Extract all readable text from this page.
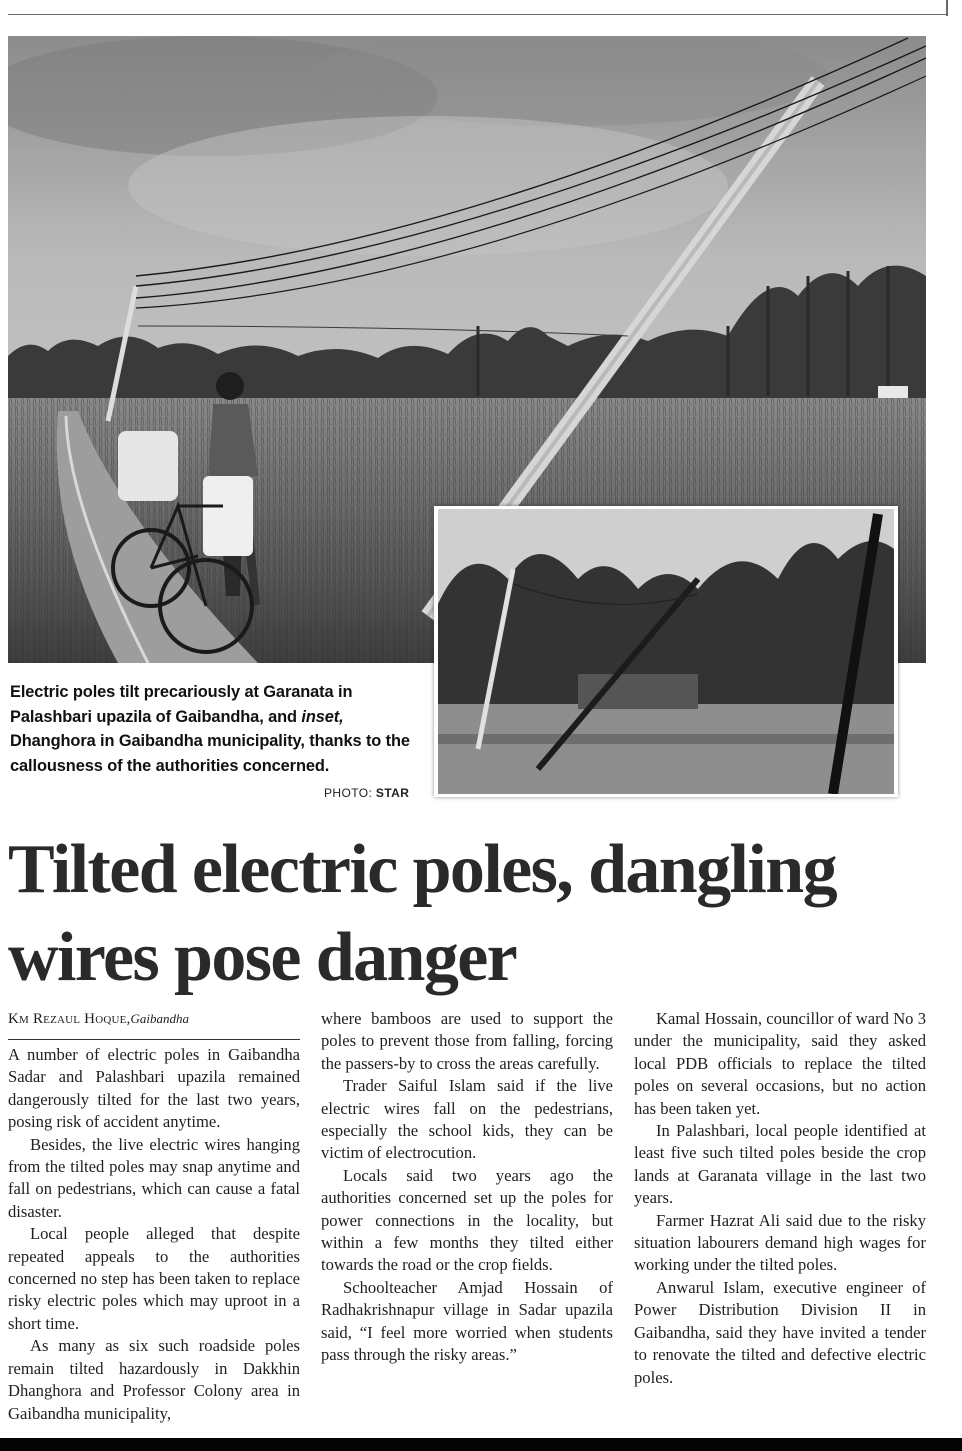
Electric poles tilt precariously at Garanata in Palashbari upazila of Gaibandha, and inset, Dhanghora in Gaibandha municipality, thanks to the callousness of the authorities concerned.
PHOTO: STAR
Tilted electric poles, dangling wires pose danger
Km Rezaul Hoque,Gaibandha

A number of electric poles in Gaibandha Sadar and Palashbari upazila remained dangerously tilted for the last two years, posing risk of accident anytime.

Besides, the live electric wires hanging from the tilted poles may snap anytime and fall on pedestrians, which can cause a fatal disaster.

Local people alleged that despite repeated appeals to the authorities concerned no step has been taken to replace risky electric poles which may uproot in a short time.

As many as six such roadside poles remain tilted hazardously in Dakkhin Dhanghora and Professor Colony area in Gaibandha municipality,

where bamboos are used to support the poles to prevent those from falling, forcing the passers-by to cross the areas carefully.

Trader Saiful Islam said if the live electric wires fall on the pedestrians, especially the school kids, they can be victim of electrocution.

Locals said two years ago the authorities concerned set up the poles for power connections in the locality, but within a few months they tilted either towards the road or the crop fields.

Schoolteacher Amjad Hossain of Radhakrishnapur village in Sadar upazila said, “I feel more worried when students pass through the risky areas.”

Kamal Hossain, councillor of ward No 3 under the municipality, said they asked local PDB officials to replace the tilted poles on several occasions, but no action has been taken yet.

In Palashbari, local people identified at least five such tilted poles beside the crop lands at Garanata village in the last two years.

Farmer Hazrat Ali said due to the risky situation labourers demand high wages for working under the tilted poles.

Anwarul Islam, executive engineer of Power Distribution Division II in Gaibandha, said they have invited a tender to renovate the tilted and defective electric poles.
